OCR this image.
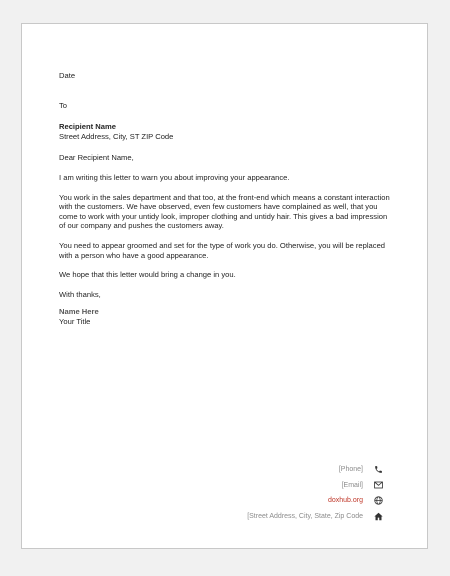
Date

To

Recipient Name

Street Address, City, ST ZIP Code

Dear Recipient Name,

I am writing this letter to warn you about improving your appearance.

You work in the sales department and that too, at the front-end which means a constant interaction with the customers. We have observed, even few customers have complained as well, that you come to work with your untidy look, improper clothing and untidy hair. This gives a bad impression of our company and pushes the customers away.

You need to appear groomed and set for the type of work you do. Otherwise, you will be replaced with a person who have a good appearance.

We hope that this letter would bring a change in you.

With thanks,

Name Here

Your Title

[Phone]
[Email]
doxhub.org
[Street Address, City, State, Zip Code
